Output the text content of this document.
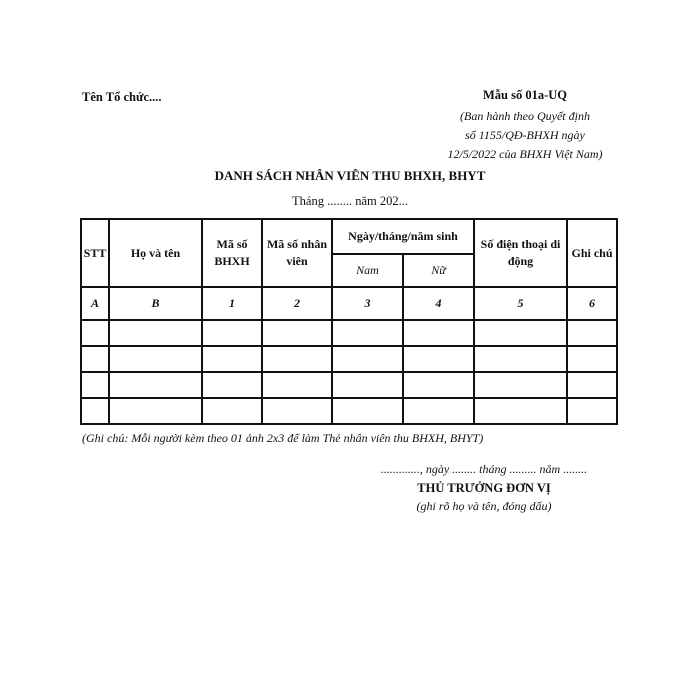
Tên Tổ chức....	Mẫu số 01a-UQ
(Ban hành theo Quyết định
số 1155/QĐ-BHXH ngày
12/5/2022 của BHXH Việt Nam)
DANH SÁCH NHÂN VIÊN THU BHXH, BHYT
Tháng ........ năm 202...
STT	Họ và tên	Mã số BHXH	Mã số nhân viên	Ngày/tháng/năm sinh		Số điện thoại di động	Ghi chú
				Nam	Nữ		
A	B	1	2	3	4	5	6

(Ghi chú: Mỗi người kèm theo 01 ảnh 2x3 để làm Thẻ nhân viên thu BHXH, BHYT)
............., ngày ........ tháng ......... năm ........
THỦ TRƯỞNG ĐƠN VỊ
(ghi rõ họ và tên, đóng dấu)
